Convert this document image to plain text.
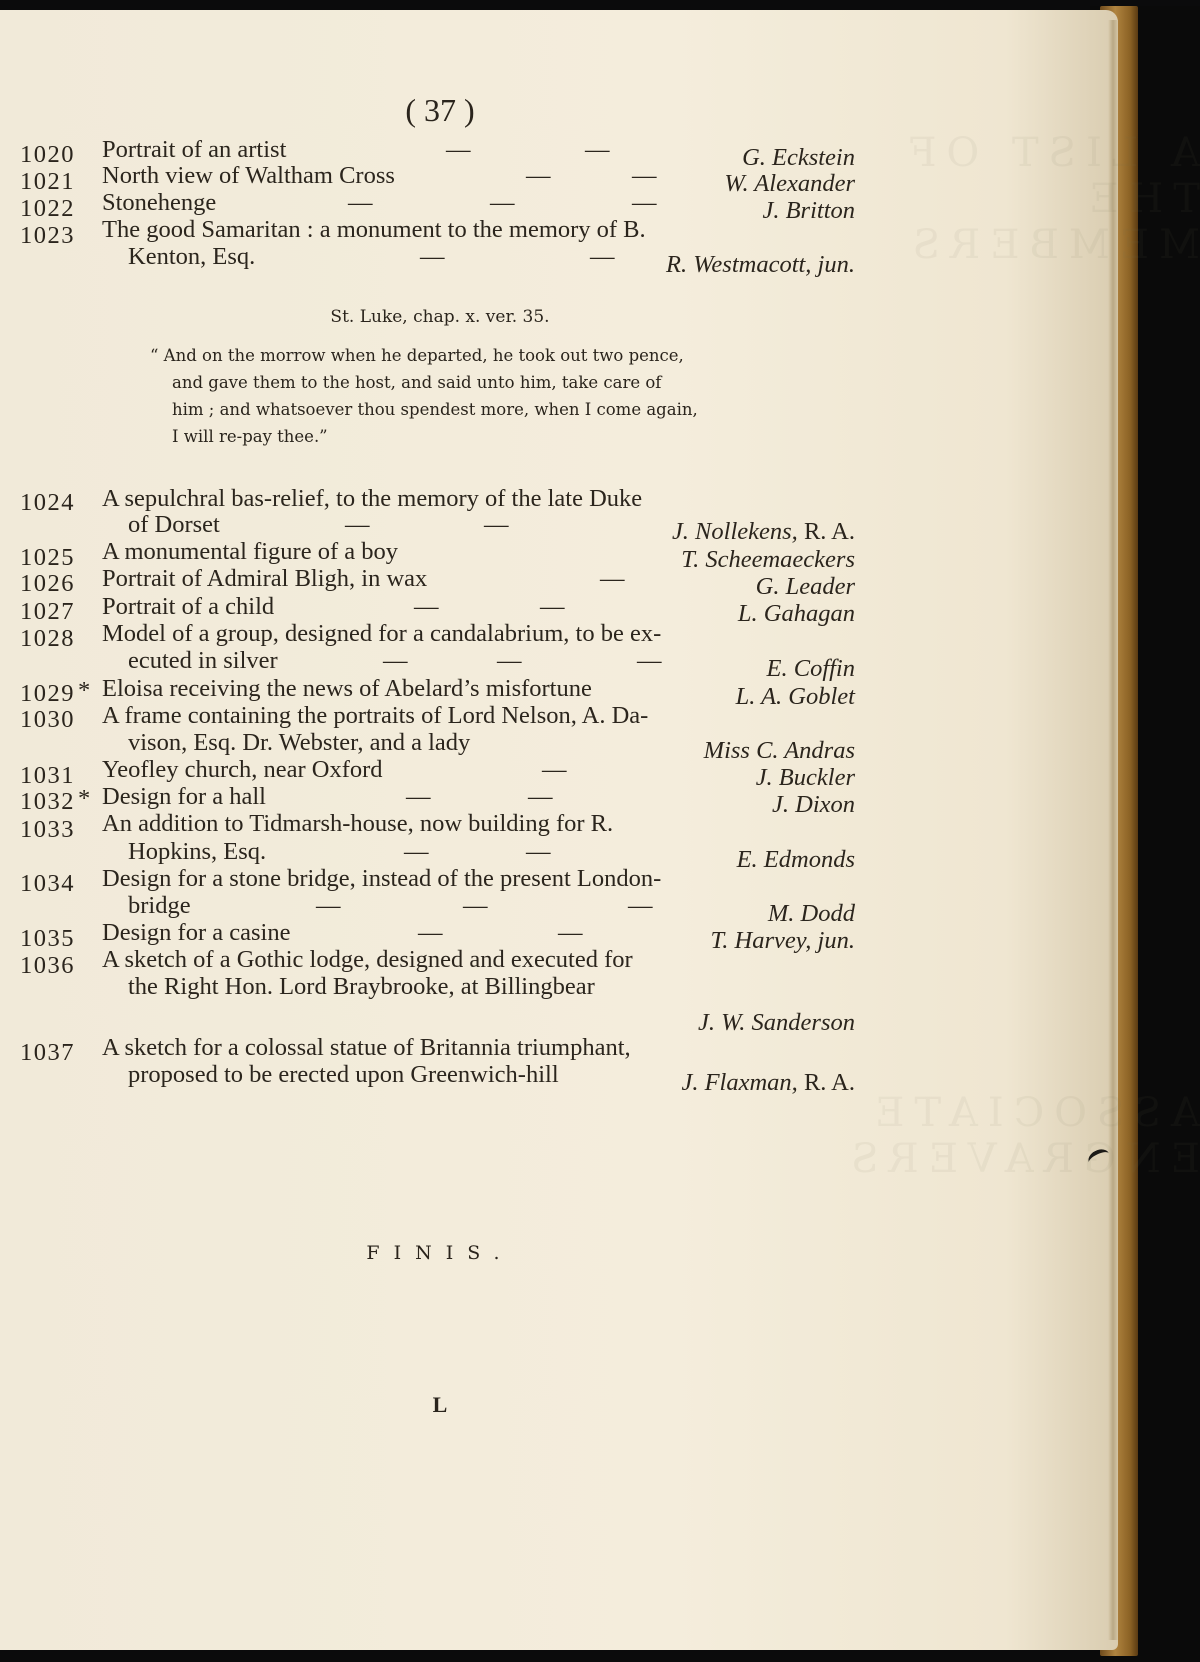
A LIST OF THE MEMBERS
ASSOCIATE ENGRAVERS
( 37 )
1020 Portrait of an artist	—	—	G. Eckstein
1021 North view of Waltham Cross	—	—	W. Alexander
1022 Stonehenge	—	—	—	J. Britton
1023 The good Samaritan : a monument to the memory of B.
Kenton, Esq.	—	— R. Westmacott, jun.
St. Luke, chap. x. ver. 35.
“ And on the morrow when he departed, he took out two pence,
and gave them to the host, and said unto him, take care of
him ; and whatsoever thou spendest more, when I come again,
I will re-pay thee.”
1024 A sepulchral bas-relief, to the memory of the late Duke
of Dorset	—	—	J. Nollekens, R. A.
1025 A monumental figure of a boy	T. Scheemaeckers
1026 Portrait of Admiral Bligh, in wax	—	G. Leader
1027 Portrait of a child	—	—	L. Gahagan
1028 Model of a group, designed for a candalabrium, to be ex-
ecuted in silver	—	—	—	E. Coffin
1029 * Eloisa receiving the news of Abelard’s misfortune	L. A. Goblet
1030 A frame containing the portraits of Lord Nelson, A. Da-
vison, Esq. Dr. Webster, and a lady	Miss C. Andras
1031 Yeofley church, near Oxford	—	J. Buckler
1032 * Design for a hall	—	—	J. Dixon
1033 An addition to Tidmarsh-house, now building for R.
Hopkins, Esq.	—	—	E. Edmonds
1034 Design for a stone bridge, instead of the present London-
bridge	—	—	—	M. Dodd
1035 Design for a casine	—	—	T. Harvey, jun.
1036 A sketch of a Gothic lodge, designed and executed for
the Right Hon. Lord Braybrooke, at Billingbear
J. W. Sanderson
1037 A sketch for a colossal statue of Britannia triumphant,
proposed to be erected upon Greenwich-hill	J. Flaxman, R. A.
FINIS.
L
